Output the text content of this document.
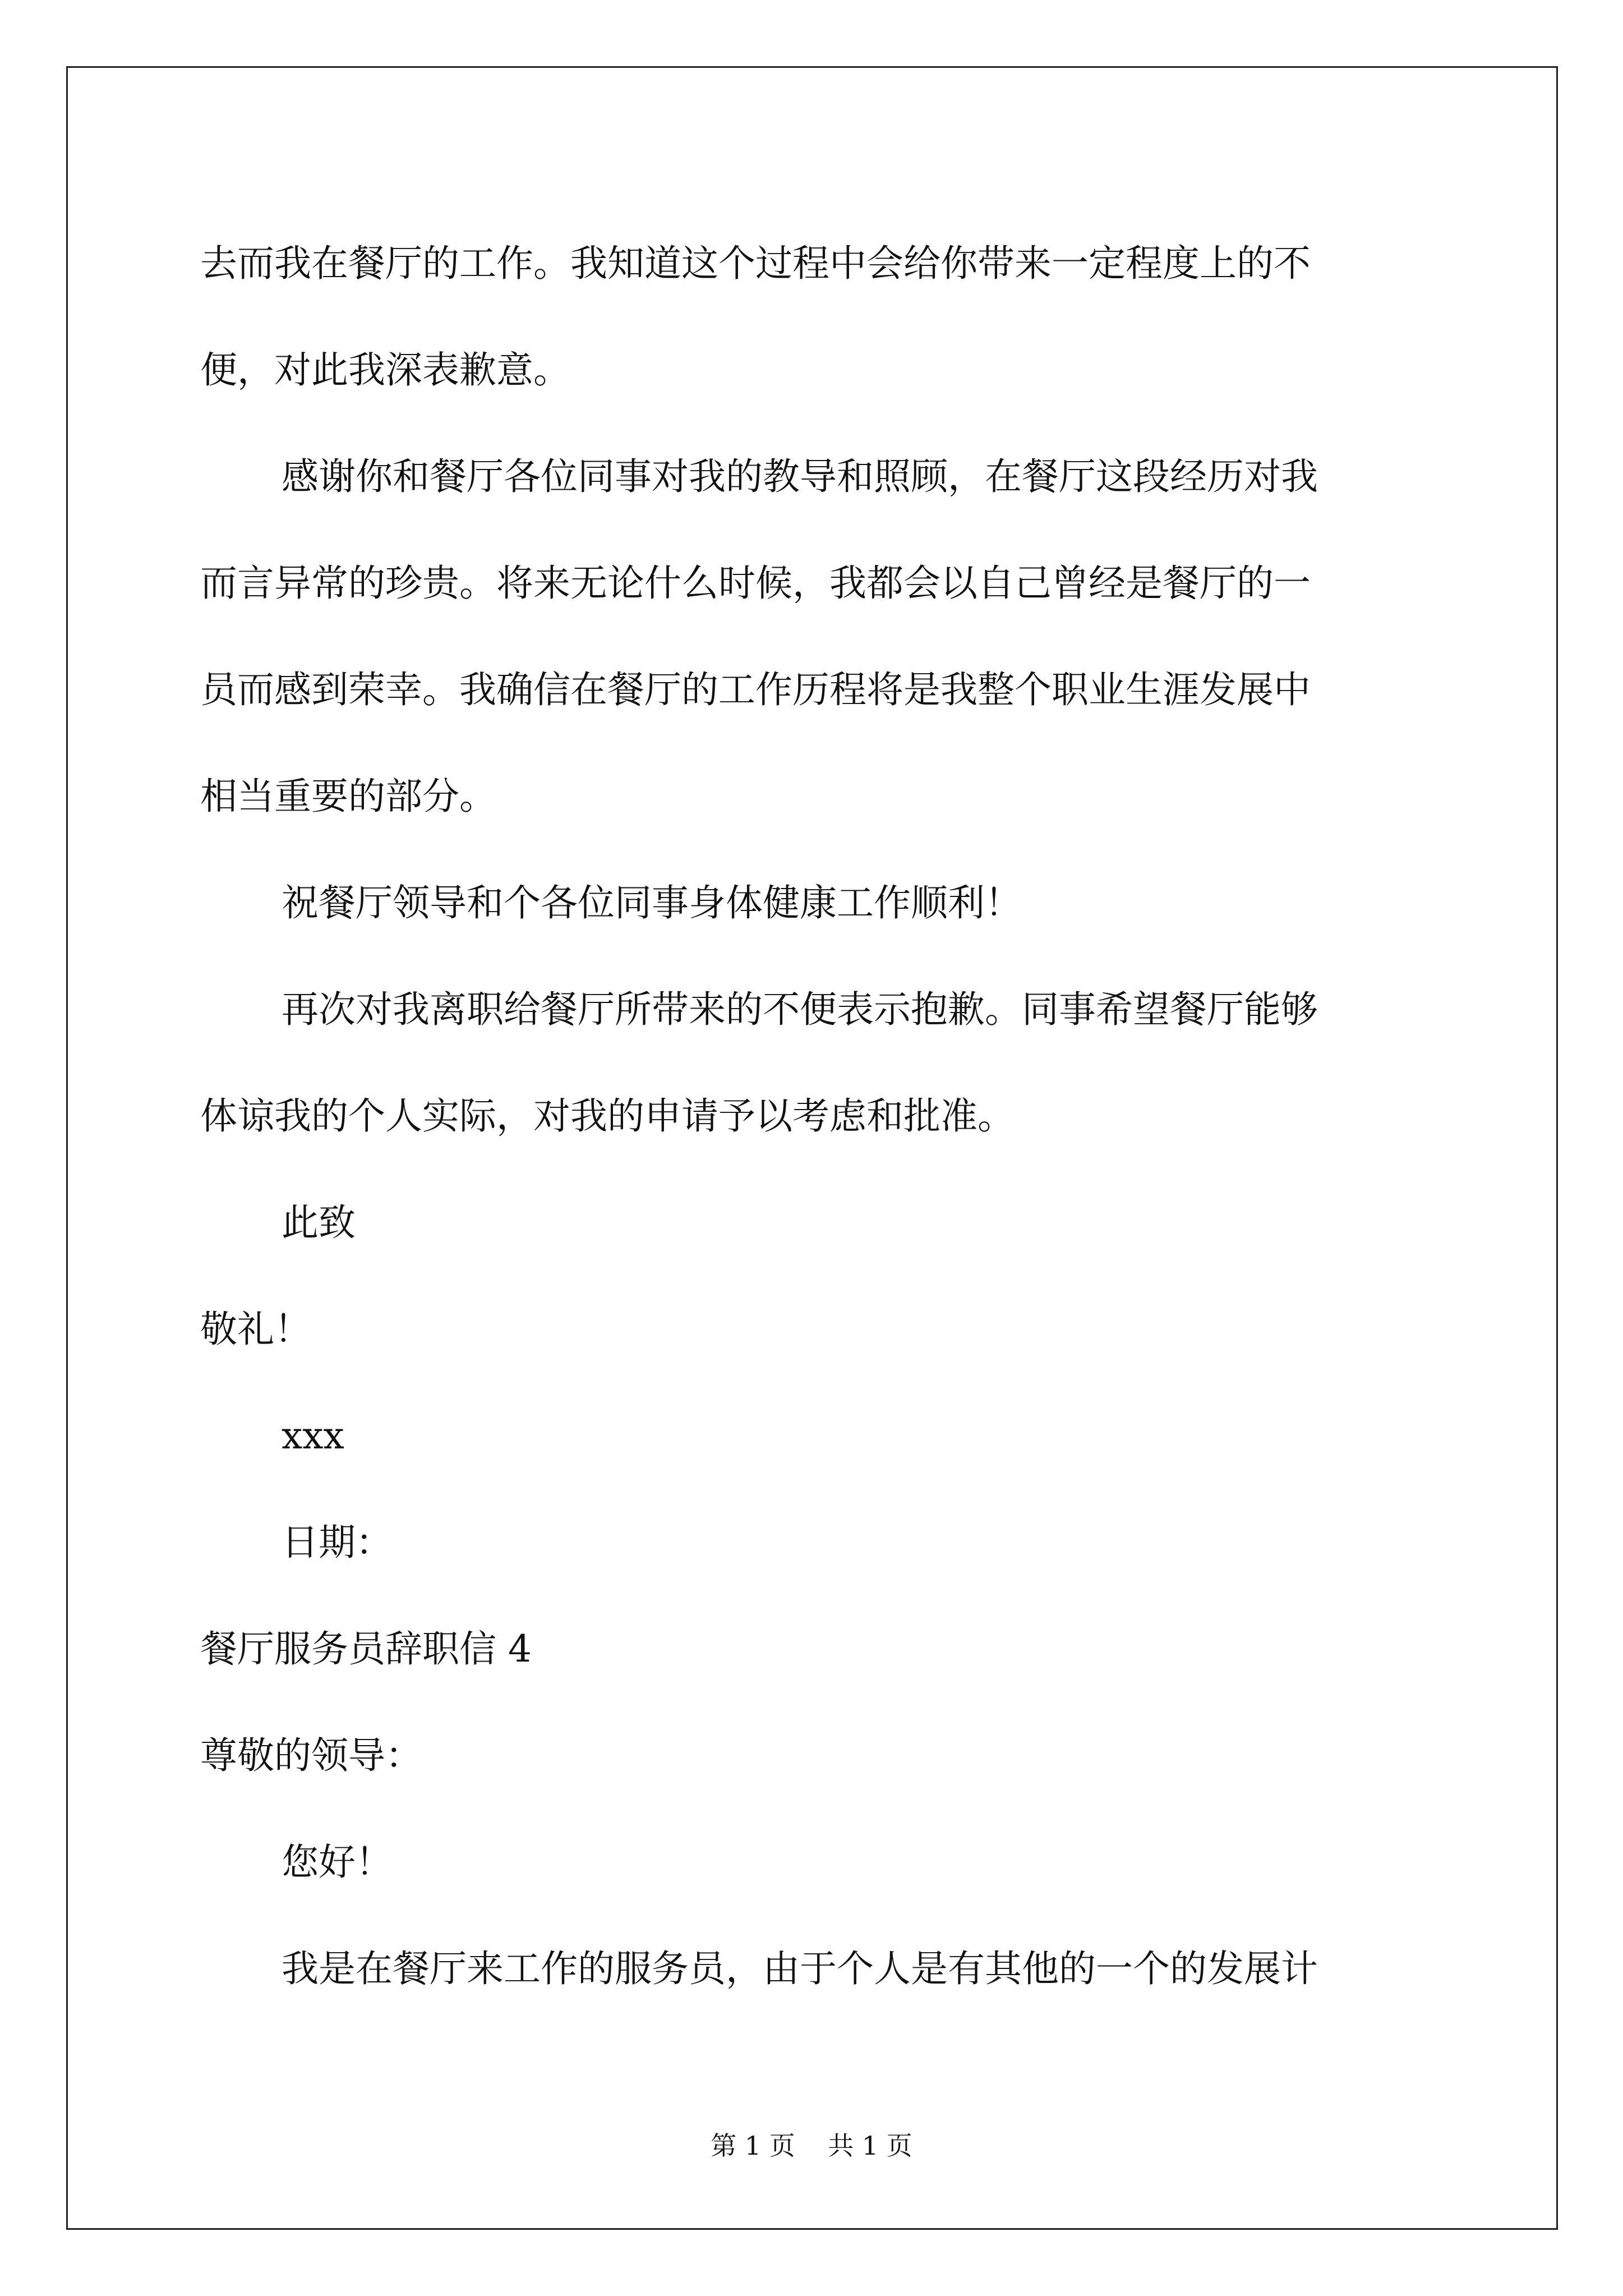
去而我在餐厅的工作。我知道这个过程中会给你带来一定程度上的不
便，对此我深表歉意。
感谢你和餐厅各位同事对我的教导和照顾，在餐厅这段经历对我
而言异常的珍贵。将来无论什么时候，我都会以自己曾经是餐厅的一
员而感到荣幸。我确信在餐厅的工作历程将是我整个职业生涯发展中
相当重要的部分。
祝餐厅领导和个各位同事身体健康工作顺利！
再次对我离职给餐厅所带来的不便表示抱歉。同事希望餐厅能够
体谅我的个人实际，对我的申请予以考虑和批准。
此致
敬礼！
xxx
日期：
餐厅服务员辞职信 4
尊敬的领导：
您好！
我是在餐厅来工作的服务员，由于个人是有其他的一个的发展计
第 1 页    共 1 页
